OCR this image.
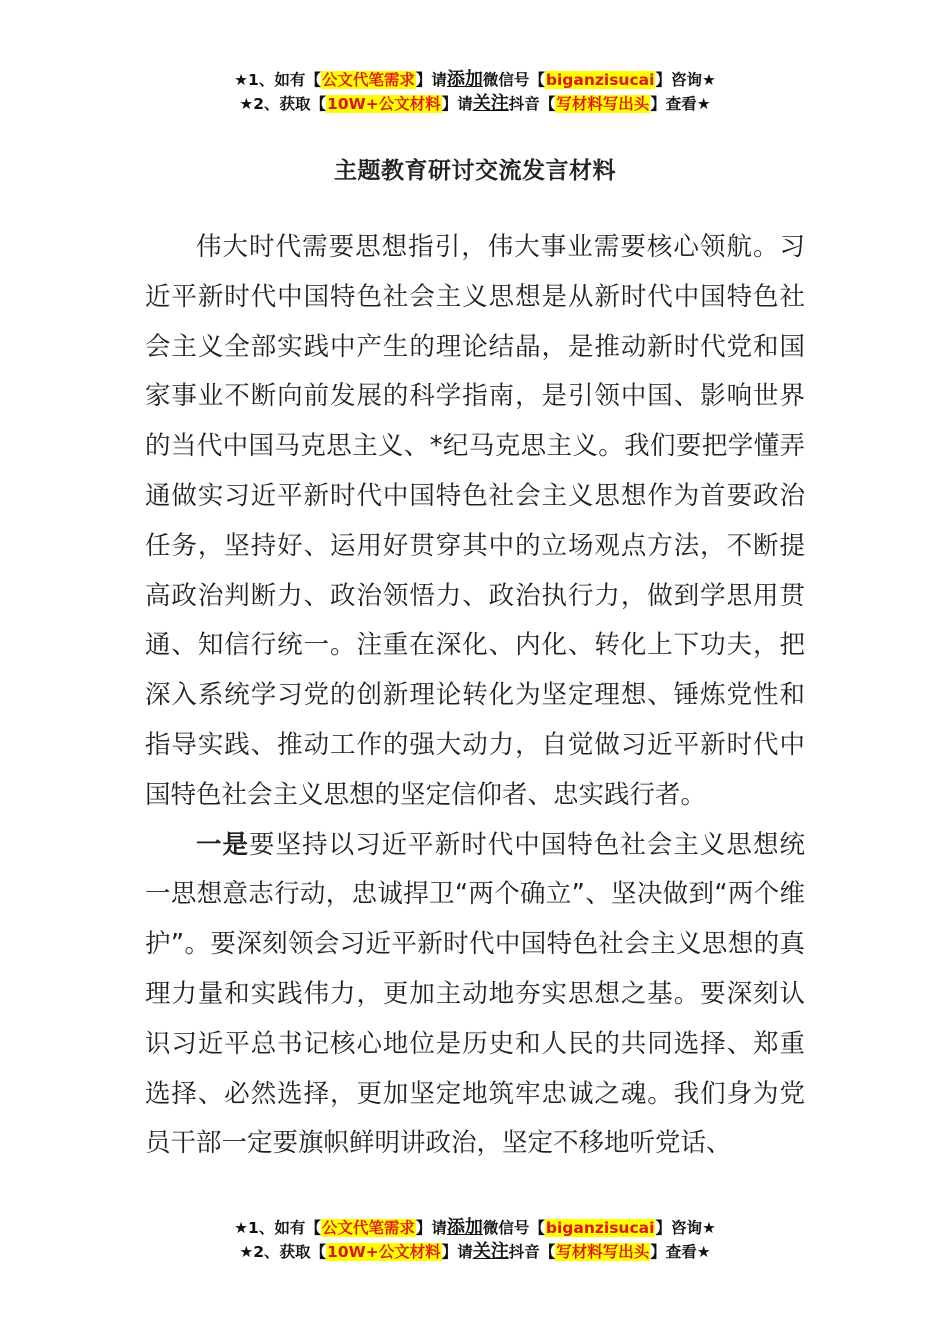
★1、如有【公文代笔需求】请添加微信号【biganzisucai】咨询★
★2、获取【10W+公文材料】请关注抖音【写材料写出头】查看★
主题教育研讨交流发言材料

伟大时代需要思想指引，伟大事业需要核心领航。习近平新时代中国特色社会主义思想是从新时代中国特色社会主义全部实践中产生的理论结晶，是推动新时代党和国家事业不断向前发展的科学指南，是引领中国、影响世界的当代中国马克思主义、*纪马克思主义。我们要把学懂弄通做实习近平新时代中国特色社会主义思想作为首要政治任务，坚持好、运用好贯穿其中的立场观点方法，不断提高政治判断力、政治领悟力、政治执行力，做到学思用贯通、知信行统一。注重在深化、内化、转化上下功夫，把深入系统学习党的创新理论转化为坚定理想、锤炼党性和指导实践、推动工作的强大动力，自觉做习近平新时代中国特色社会主义思想的坚定信仰者、忠实践行者。

一是要坚持以习近平新时代中国特色社会主义思想统一思想意志行动，忠诚捍卫“两个确立”、坚决做到“两个维护”。要深刻领会习近平新时代中国特色社会主义思想的真理力量和实践伟力，更加主动地夯实思想之基。要深刻认识习近平总书记核心地位是历史和人民的共同选择、郑重选择、必然选择，更加坚定地筑牢忠诚之魂。我们身为党员干部一定要旗帜鲜明讲政治，坚定不移地听党话、

★1、如有【公文代笔需求】请添加微信号【biganzisucai】咨询★
★2、获取【10W+公文材料】请关注抖音【写材料写出头】查看★
